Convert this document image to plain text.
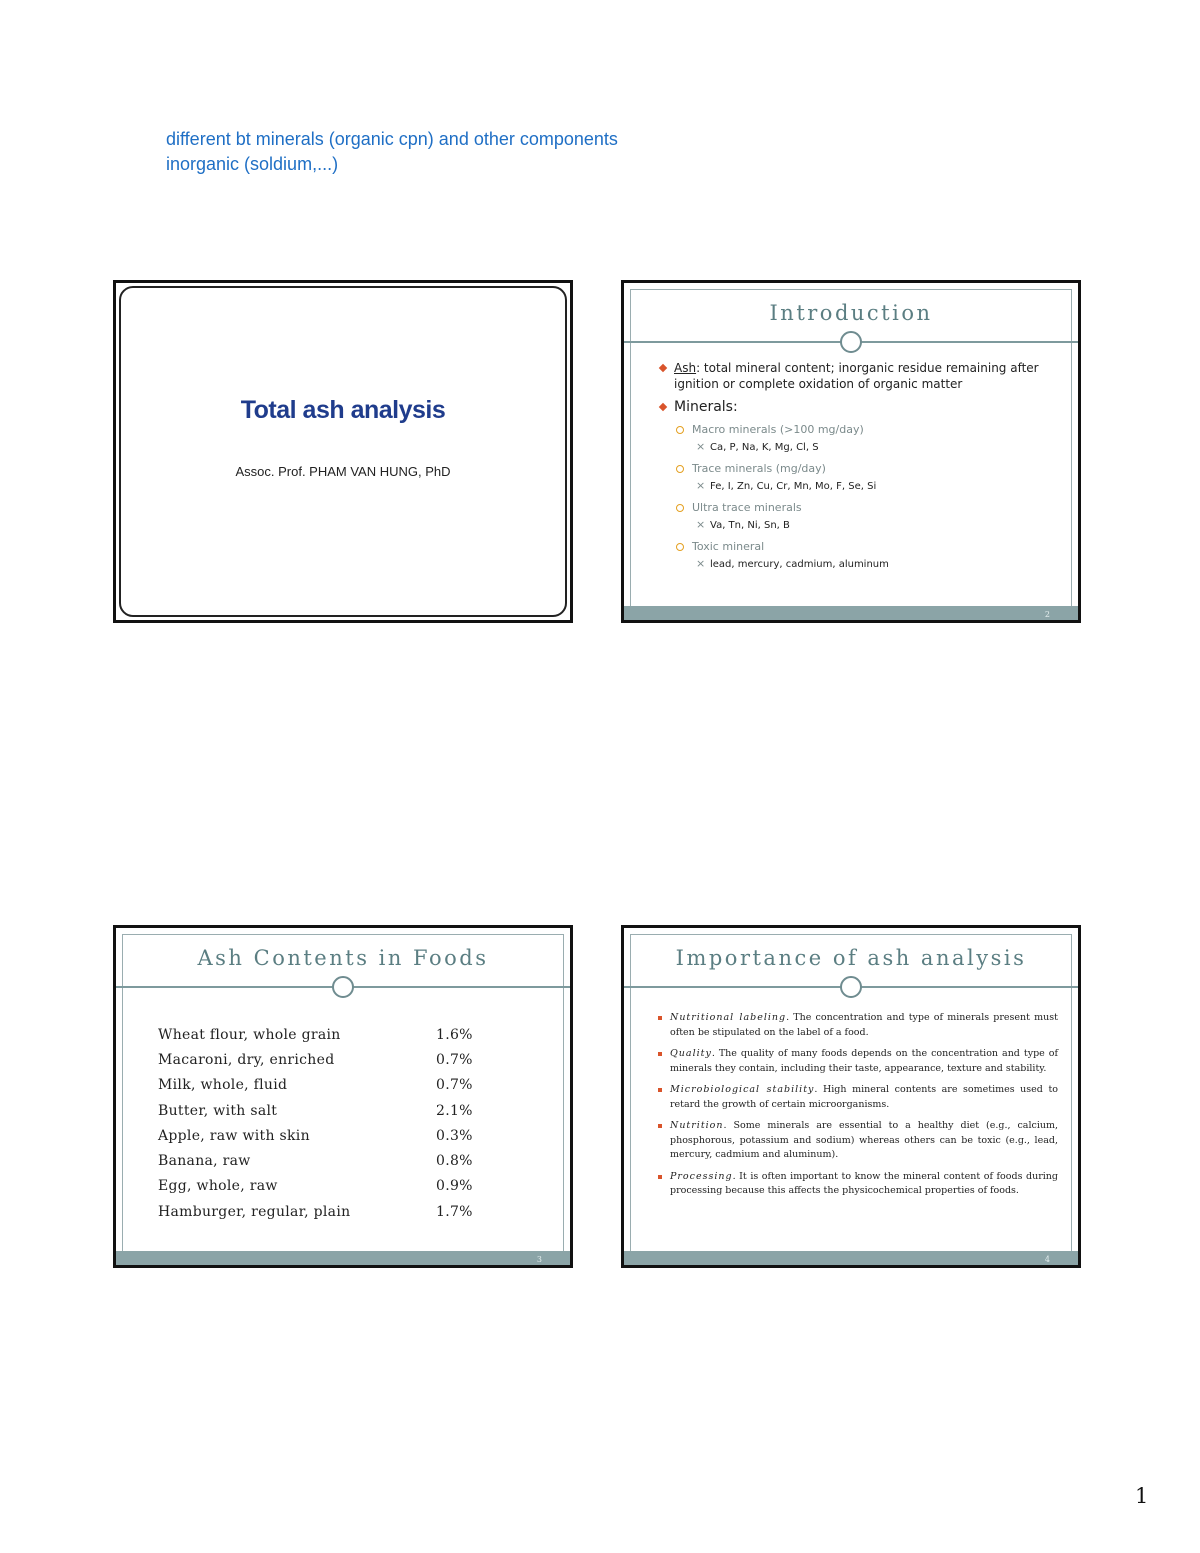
different bt minerals (organic cpn) and other components
inorganic (soldium,...)
Total ash analysis
Assoc. Prof. PHAM VAN HUNG, PhD
Introduction
Ash: total mineral content; inorganic residue remaining after ignition or complete oxidation of organic matter
Minerals:
Macro minerals (>100 mg/day)
× Ca, P, Na, K, Mg, Cl, S
Trace minerals (mg/day)
× Fe, I, Zn, Cu, Cr, Mn, Mo, F, Se, Si
Ultra trace minerals
× Va, Tn, Ni, Sn, B
Toxic mineral
× lead, mercury, cadmium, aluminum
2
Ash Contents in Foods
Wheat flour, whole grain	1.6%
Macaroni, dry, enriched	0.7%
Milk, whole, fluid	0.7%
Butter, with salt	2.1%
Apple, raw with skin	0.3%
Banana, raw	0.8%
Egg, whole, raw	0.9%
Hamburger, regular, plain	1.7%
3
Importance of ash analysis
Nutritional labeling. The concentration and type of minerals present must often be stipulated on the label of a food.
Quality. The quality of many foods depends on the concentration and type of minerals they contain, including their taste, appearance, texture and stability.
Microbiological stability. High mineral contents are sometimes used to retard the growth of certain microorganisms.
Nutrition. Some minerals are essential to a healthy diet (e.g., calcium, phosphorous, potassium and sodium) whereas others can be toxic (e.g., lead, mercury, cadmium and aluminum).
Processing. It is often important to know the mineral content of foods during processing because this affects the physicochemical properties of foods.
4
1
